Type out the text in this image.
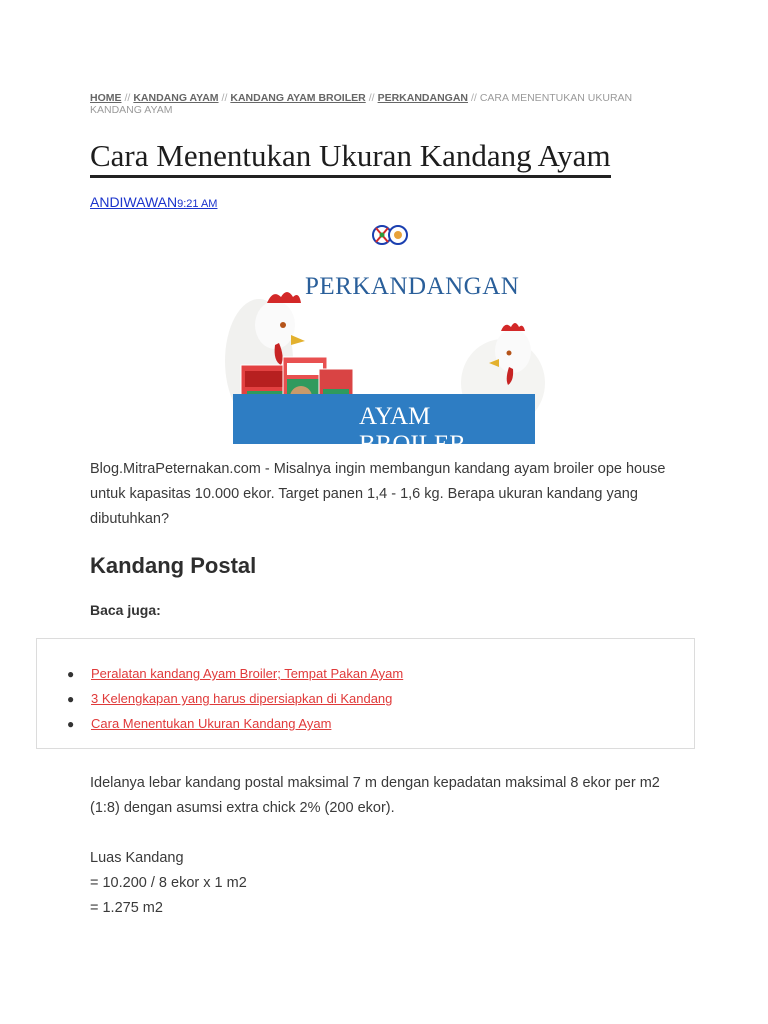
HOME // KANDANG AYAM // KANDANG AYAM BROILER // PERKANDANGAN // CARA MENENTUKAN UKURAN KANDANG AYAM
Cara Menentukan Ukuran Kandang Ayam
ANDIWAWAN9:21 AM
PERKANDANGAN
AYAM BROILER

Blog.MitraPeternakan.com - Misalnya ingin membangun kandang ayam broiler ope house
untuk kapasitas 10.000 ekor. Target panen 1,4 - 1,6 kg. Berapa ukuran kandang yang
dibutuhkan?

Kandang Postal
Baca juga:
● Peralatan kandang Ayam Broiler; Tempat Pakan Ayam
● 3 Kelengkapan yang harus dipersiapkan di Kandang
● Cara Menentukan Ukuran Kandang Ayam

Idelanya lebar kandang postal maksimal 7 m dengan kepadatan maksimal 8 ekor per m2
(1:8) dengan asumsi extra chick 2% (200 ekor).

Luas Kandang
= 10.200 / 8 ekor x 1 m2
= 1.275 m2
